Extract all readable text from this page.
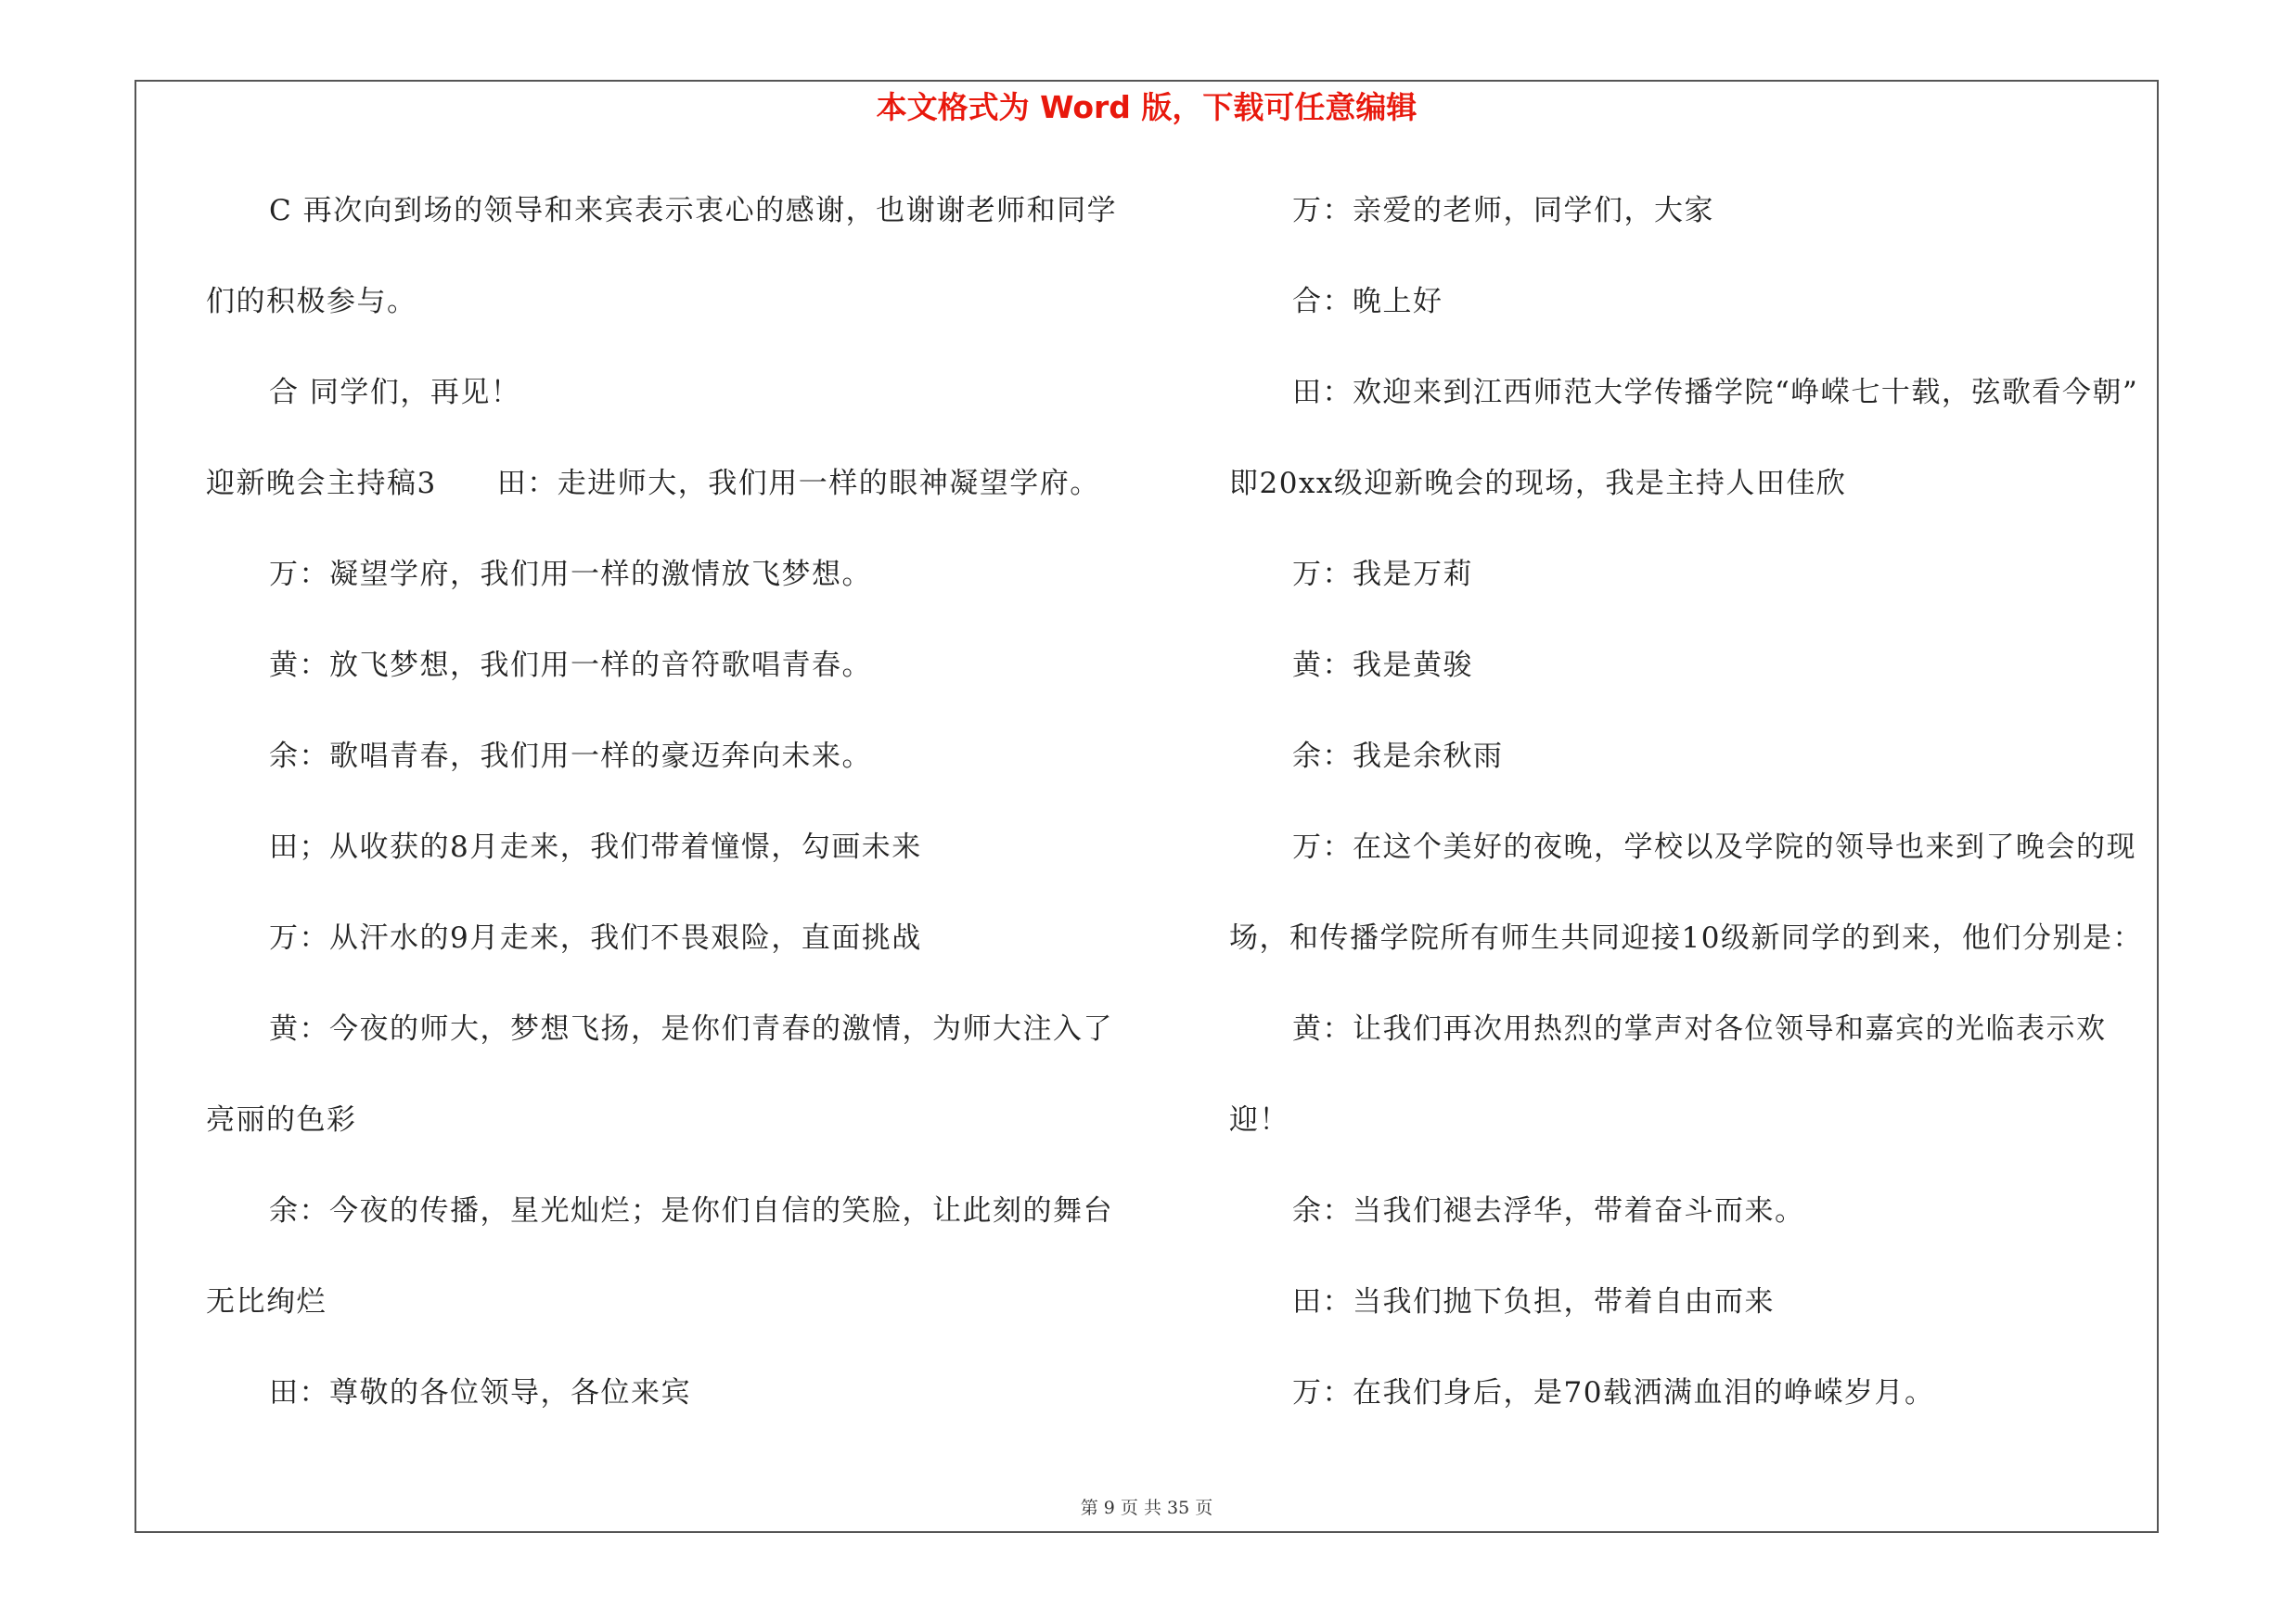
本文格式为 Word 版，下载可任意编辑
C 再次向到场的领导和来宾表示衷心的感谢，也谢谢老师和同学
们的积极参与。
合 同学们，再见！
迎新晚会主持稿3　　田：走进师大，我们用一样的眼神凝望学府。
万：凝望学府，我们用一样的激情放飞梦想。
黄：放飞梦想，我们用一样的音符歌唱青春。
余：歌唱青春，我们用一样的豪迈奔向未来。
田；从收获的8月走来，我们带着憧憬，勾画未来
万：从汗水的9月走来，我们不畏艰险，直面挑战
黄：今夜的师大，梦想飞扬，是你们青春的激情，为师大注入了
亮丽的色彩
余：今夜的传播，星光灿烂；是你们自信的笑脸，让此刻的舞台
无比绚烂
田：尊敬的各位领导，各位来宾
万：亲爱的老师，同学们，大家
合：晚上好
田：欢迎来到江西师范大学传播学院“峥嵘七十载，弦歌看今朝”
即20xx级迎新晚会的现场，我是主持人田佳欣
万：我是万莉
黄：我是黄骏
余：我是余秋雨
万：在这个美好的夜晚，学校以及学院的领导也来到了晚会的现
场，和传播学院所有师生共同迎接10级新同学的到来，他们分别是：
黄：让我们再次用热烈的掌声对各位领导和嘉宾的光临表示欢
迎！
余：当我们褪去浮华，带着奋斗而来。
田：当我们抛下负担，带着自由而来
万：在我们身后，是70载洒满血泪的峥嵘岁月。
第 9 页 共 35 页
